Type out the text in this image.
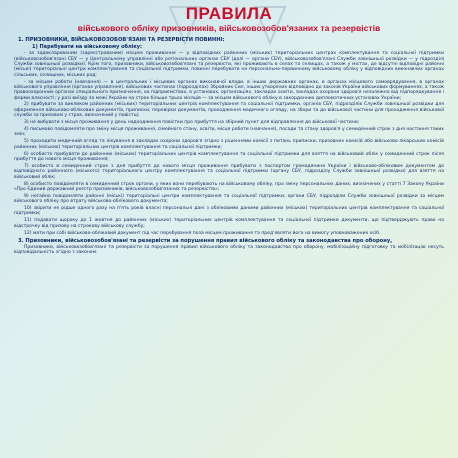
ПРАВИЛА
військового обліку призовників, військовозобов'язаних та резервістів
1. ПРИЗОВНИКИ, ВІЙСЬКОВОЗОБОВ'ЯЗАНІ ТА РЕЗЕРВІСТИ ПОВИННІ:
1) Перебувати на військовому обліку:

- за задекларованим (зареєстрованим) місцем проживання — у відповідних районних (міських) територіальних центрах комплектування та соціальної підтримки (військовозобов'язані СБУ — у Центральному управлінні або регіональних органах СБУ (далі — органи СБУ), військовозобов'язані Служби зовнішньої розвідки — у підрозділі Служби зовнішньої розвідки). Крім того, призовники, військовозобов'язані та резервісти, які проживають в селах та селищах, а також у містах, де відсутні відповідні районні (міські) територіальні центри комплектування та соціальної підтримки, повинні перебувати на персонально-первинному військовому обліку у відповідних виконавчих органах сільських, селищних, міських рад;

- за місцем роботи (навчання) — в центральних і місцевих органах виконавчої влади, в інших державних органах, в органах місцевого самоврядування, в органах військового управління (органах управління), військових частинах (підрозділах) Збройних Сил, інших утворених відповідно до законів України військових формуваннях, а також правоохоронних органах спеціального призначення, на підприємствах, в установах, організаціях, закладах освіти, закладах охорони здоров'я незалежно від підпорядкування і форми власності; у разі виїзду за межі України на строк більше трьох місяців — за місцем військового обліку в закордонних дипломатичних установах України;

2) прибувати за викликом районних (міських) територіальних центрів комплектування та соціальної підтримки, органів СБУ, підрозділів Служби зовнішньої розвідки для оформлення військово-облікових документів, приписки, перевірки документів, проходження медичного огляду, на збори та до військової частини для проходження військової служби за призовом у строк, визначений у повістці;

3) не вибувати з місця проживання у день надходження повістки про прибуття на збірний пункт для відправлення до військової частини;

4) письмово повідомляти про зміну місця проживання, сімейного стану, освіти, місця роботи (навчання), посади та стану здоров'я у семиденний строк з дня настання таких змін;

5) проходити медичний огляд та лікування в закладах охорони здоров'я згідно з рішеннями комісії з питань приписки, призовних комісій або військово-лікарських комісій районних (міських) територіальних центрів комплектування та соціальної підтримки;

6) особисто прибувати до районних (міських) територіальних центрів комплектування та соціальної підтримки для взяття на військовий облік у семиденний строк після прибуття до нового місця проживання;

7) особисто в семиденний строк з дня прибуття до нового місця проживання прибувати з паспортом громадянина України і військово-обліковим документом до відповідного районного (міського) територіального центру комплектування та соціальної підтримки (органу СБУ, підрозділу Служби зовнішньої розвідки) для взяття на військовий облік;

8) особисто повідомляти в семиденний строк органи, у яких вони перебувають на військовому обліку, про зміну персональних даних, визначених у статті 7 Закону України «Про Єдиний державний реєстр призовників, військовозобов'язаних та резервістів»;

9) негайно повідомляти районні (міські) територіальні центри комплектування та соціальної підтримки, органи СБУ, підрозділи Служби зовнішньої розвідки за місцем військового обліку про втрату військово-облікового документа;

10) звірити не рідше одного разу на п'ять років власні персональні дані з обліковими даними районних (міських) територіальних центрів комплектування та соціальної підтримки;

11) подавати щороку до 1 жовтня до районних (міських) територіальних центрів комплектування та соціальної підтримки документи, що підтверджують право на відстрочку від призову на строкову військову службу;

12) мати при собі військово-обліковий документ під час перебування поза місцем проживання та пред'являти його на вимогу уповноважених осіб.

3. Призовники, військовозобов'язані та резервісти за порушення правил військового обліку та законодавства про оборону,

Призовники, військовозобов'язані та резервісти за порушення правил військового обліку та законодавства про оборону, мобілізаційну підготовку та мобілізацію несуть відповідальність згідно з законом.
